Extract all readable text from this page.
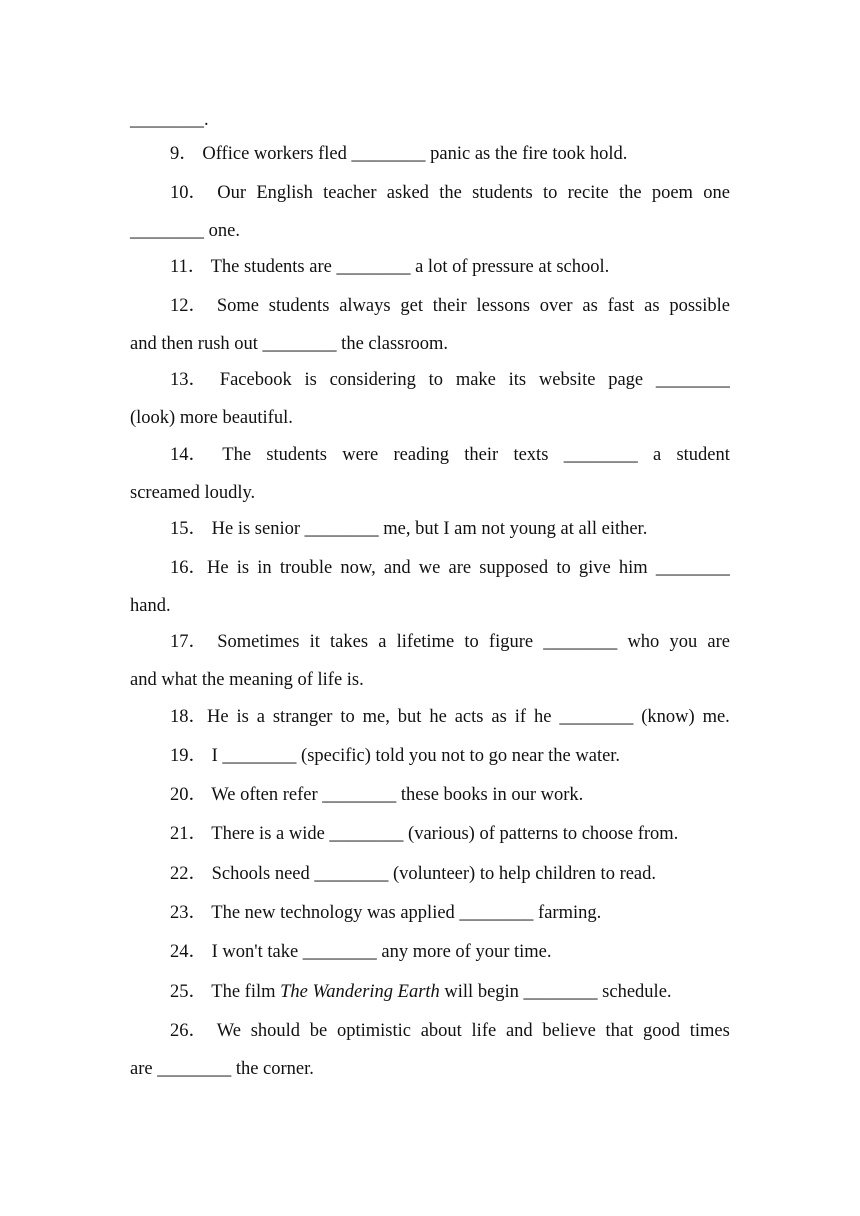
________.
9． Office workers fled ________ panic as the fire took hold.
10． Our English teacher asked the students to recite the poem one
________ one.
11． The students are ________ a lot of pressure at school.
12． Some students always get their lessons over as fast as possible
and then rush out ________ the classroom.
13． Facebook is considering to make its website page ________
(look) more beautiful.
14． The students were reading their texts ________ a student
screamed loudly.
15． He is senior ________ me, but I am not young at all either.
16．He is in trouble now, and we are supposed to give him ________
hand.
17． Sometimes it takes a lifetime to figure ________ who you are
and what the meaning of life is.
18．He is a stranger to me, but he acts as if he ________ (know) me.
19． I ________ (specific) told you not to go near the water.
20． We often refer ________ these books in our work.
21． There is a wide ________ (various) of patterns to choose from.
22． Schools need ________ (volunteer) to help children to read.
23． The new technology was applied ________ farming.
24． I won't take ________ any more of your time.
25． The film The Wandering Earth will begin ________ schedule.
26． We should be optimistic about life and believe that good times
are ________ the corner.
